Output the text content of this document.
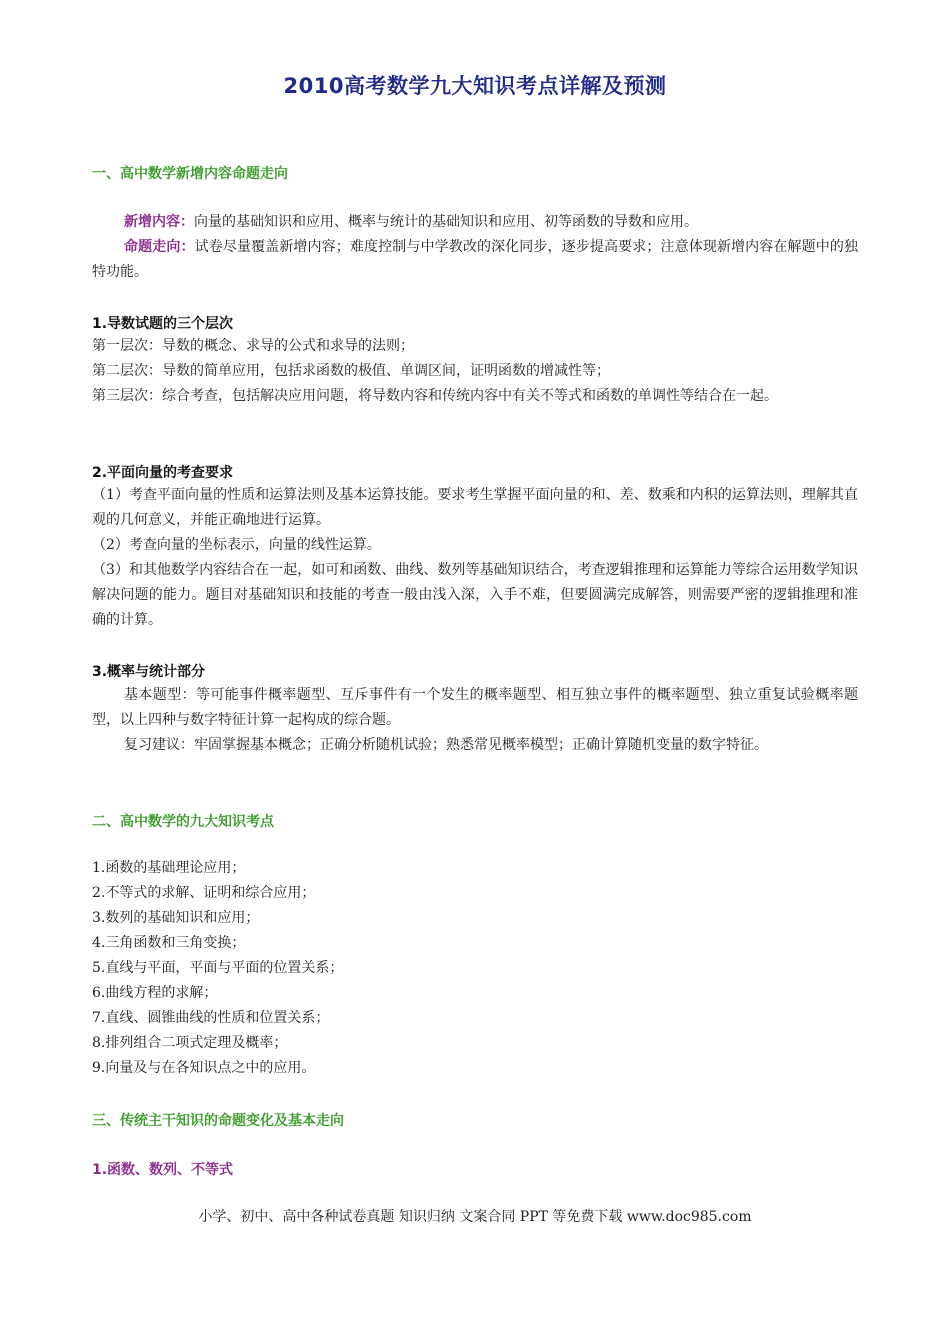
2010高考数学九大知识考点详解及预测
一、高中数学新增内容命题走向
新增内容：向量的基础知识和应用、概率与统计的基础知识和应用、初等函数的导数和应用。
命题走向：试卷尽量覆盖新增内容；难度控制与中学教改的深化同步，逐步提高要求；注意体现新增内容在解题中的独特功能。
1.导数试题的三个层次
第一层次：导数的概念、求导的公式和求导的法则；
第二层次：导数的简单应用，包括求函数的极值、单调区间，证明函数的增减性等；
第三层次：综合考查，包括解决应用问题，将导数内容和传统内容中有关不等式和函数的单调性等结合在一起。
2.平面向量的考查要求
（1）考查平面向量的性质和运算法则及基本运算技能。要求考生掌握平面向量的和、差、数乘和内积的运算法则，理解其直观的几何意义，并能正确地进行运算。
（2）考查向量的坐标表示，向量的线性运算。
（3）和其他数学内容结合在一起，如可和函数、曲线、数列等基础知识结合，考查逻辑推理和运算能力等综合运用数学知识解决问题的能力。题目对基础知识和技能的考查一般由浅入深，入手不难，但要圆满完成解答，则需要严密的逻辑推理和准确的计算。
3.概率与统计部分
基本题型：等可能事件概率题型、互斥事件有一个发生的概率题型、相互独立事件的概率题型、独立重复试验概率题型，以上四种与数字特征计算一起构成的综合题。
复习建议：牢固掌握基本概念；正确分析随机试验；熟悉常见概率模型；正确计算随机变量的数字特征。
二、高中数学的九大知识考点
1.函数的基础理论应用；
2.不等式的求解、证明和综合应用；
3.数列的基础知识和应用；
4.三角函数和三角变换；
5.直线与平面，平面与平面的位置关系；
6.曲线方程的求解；
7.直线、圆锥曲线的性质和位置关系；
8.排列组合二项式定理及概率；
9.向量及与在各知识点之中的应用。
三、传统主干知识的命题变化及基本走向
1.函数、数列、不等式
小学、初中、高中各种试卷真题 知识归纳 文案合同 PPT 等免费下载 www.doc985.com
